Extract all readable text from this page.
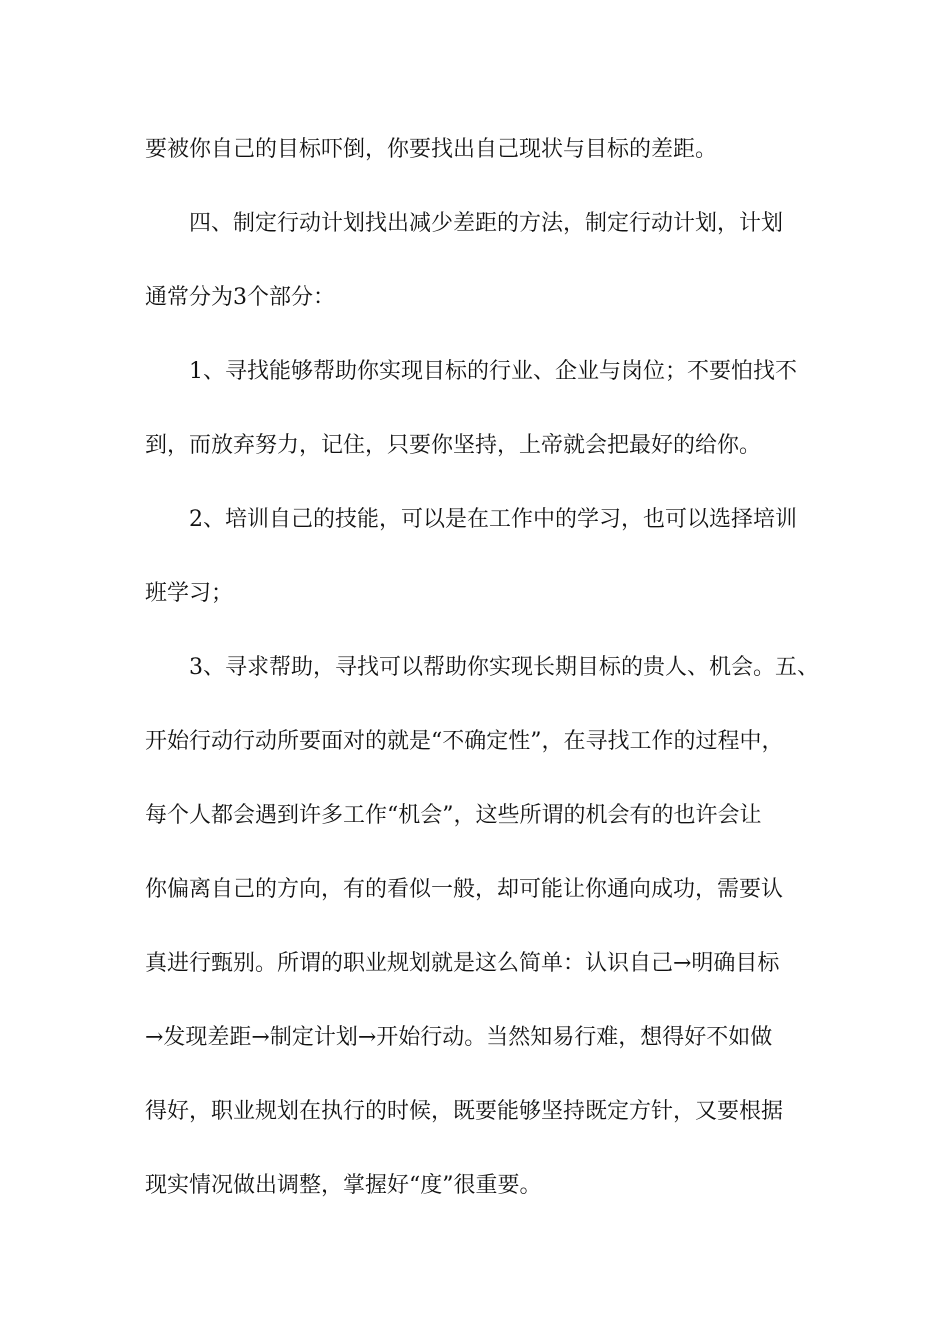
要被你自己的目标吓倒，你要找出自己现状与目标的差距。
　　四、制定行动计划找出减少差距的方法，制定行动计划，计划
通常分为3个部分：
　　1、寻找能够帮助你实现目标的行业、企业与岗位；不要怕找不
到，而放弃努力，记住，只要你坚持，上帝就会把最好的给你。
　　2、培训自己的技能，可以是在工作中的学习，也可以选择培训
班学习；
　　3、寻求帮助，寻找可以帮助你实现长期目标的贵人、机会。五、
开始行动行动所要面对的就是“不确定性”，在寻找工作的过程中，
每个人都会遇到许多工作“机会”，这些所谓的机会有的也许会让
你偏离自己的方向，有的看似一般，却可能让你通向成功，需要认
真进行甄别。所谓的职业规划就是这么简单：认识自己→明确目标
→发现差距→制定计划→开始行动。当然知易行难，想得好不如做
得好，职业规划在执行的时候，既要能够坚持既定方针，又要根据
现实情况做出调整，掌握好“度”很重要。
